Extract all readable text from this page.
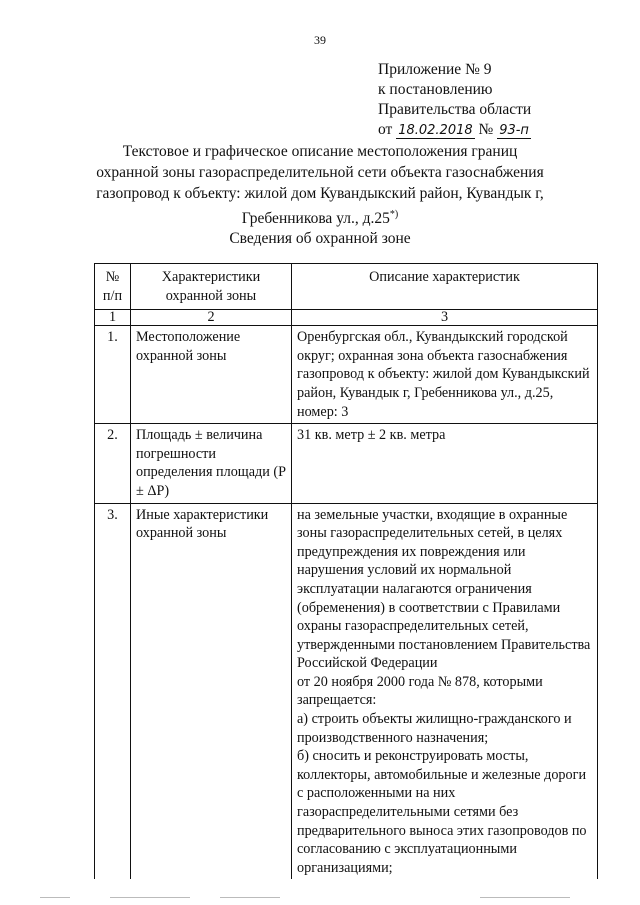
39
Приложение № 9
к постановлению
Правительства области
от 18.02.2018 № 93-п
Текстовое и графическое описание местоположения границ охранной зоны газораспределительной сети объекта газоснабжения газопровод к объекту: жилой дом Кувандыкский район, Кувандык г, Гребенникова ул., д.25*)
Сведения об охранной зоне
№ п/п	Характеристики охранной зоны	Описание характеристик
1	2	3
1.	Местоположение охранной зоны	Оренбургская обл., Кувандыкский городской округ; охранная зона объекта газоснабжения газопровод к объекту: жилой дом Кувандыкский район, Кувандык г, Гребенникова ул., д.25, номер: 3
2.	Площадь ± величина погрешности определения площади (P ± ΔP)	31 кв. метр ± 2 кв. метра
3.	Иные характеристики охранной зоны	на земельные участки, входящие в охранные зоны газораспределительных сетей, в целях предупреждения их повреждения или нарушения условий их нормальной эксплуатации налагаются ограничения (обременения) в соответствии с Правилами охраны газораспределительных сетей, утвержденными постановлением Правительства Российской Федерации
от 20 ноября 2000 года № 878, которыми запрещается:
а) строить объекты жилищно-гражданского и производственного назначения;
б) сносить и реконструировать мосты, коллекторы, автомобильные и железные дороги с расположенными на них газораспределительными сетями без предварительного выноса этих газопроводов по согласованию с эксплуатационными организациями;
